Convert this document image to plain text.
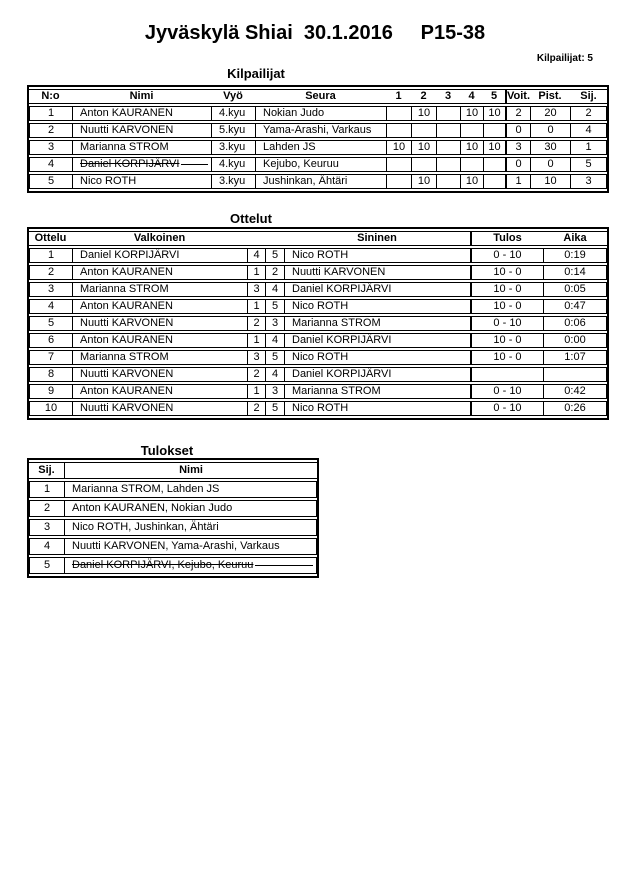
Jyväskylä Shiai  30.1.2016     P15-38
Kilpailijat: 5
Kilpailijat
N:o	Nimi	Vyö	Seura	1	2	3	4	5	Voit.	Pist.	Sij.
1	Anton KAURANEN	4.kyu	Nokian Judo		10		10	10	2	20	2
2	Nuutti KARVONEN	5.kyu	Yama-Arashi, Varkaus						0	0	4
3	Marianna STROM	3.kyu	Lahden JS	10	10		10	10	3	30	1
4	Daniel KORPIJÄRVI	4.kyu	Kejubo, Keuruu						0	0	5
5	Nico ROTH	3.kyu	Jushinkan, Ähtäri		10		10		1	10	3
Ottelut
Ottelu	Valkoinen			Sininen	Tulos	Aika
1	Daniel KORPIJÄRVI	4	5	Nico ROTH	0 - 10	0:19
2	Anton KAURANEN	1	2	Nuutti KARVONEN	10 - 0	0:14
3	Marianna STROM	3	4	Daniel KORPIJÄRVI	10 - 0	0:05
4	Anton KAURANEN	1	5	Nico ROTH	10 - 0	0:47
5	Nuutti KARVONEN	2	3	Marianna STROM	0 - 10	0:06
6	Anton KAURANEN	1	4	Daniel KORPIJÄRVI	10 - 0	0:00
7	Marianna STROM	3	5	Nico ROTH	10 - 0	1:07
8	Nuutti KARVONEN	2	4	Daniel KORPIJÄRVI		
9	Anton KAURANEN	1	3	Marianna STROM	0 - 10	0:42
10	Nuutti KARVONEN	2	5	Nico ROTH	0 - 10	0:26
Tulokset
Sij.	Nimi
1	Marianna STROM, Lahden JS
2	Anton KAURANEN, Nokian Judo
3	Nico ROTH, Jushinkan, Ähtäri
4	Nuutti KARVONEN, Yama-Arashi, Varkaus
5	Daniel KORPIJÄRVI, Kejubo, Keuruu
